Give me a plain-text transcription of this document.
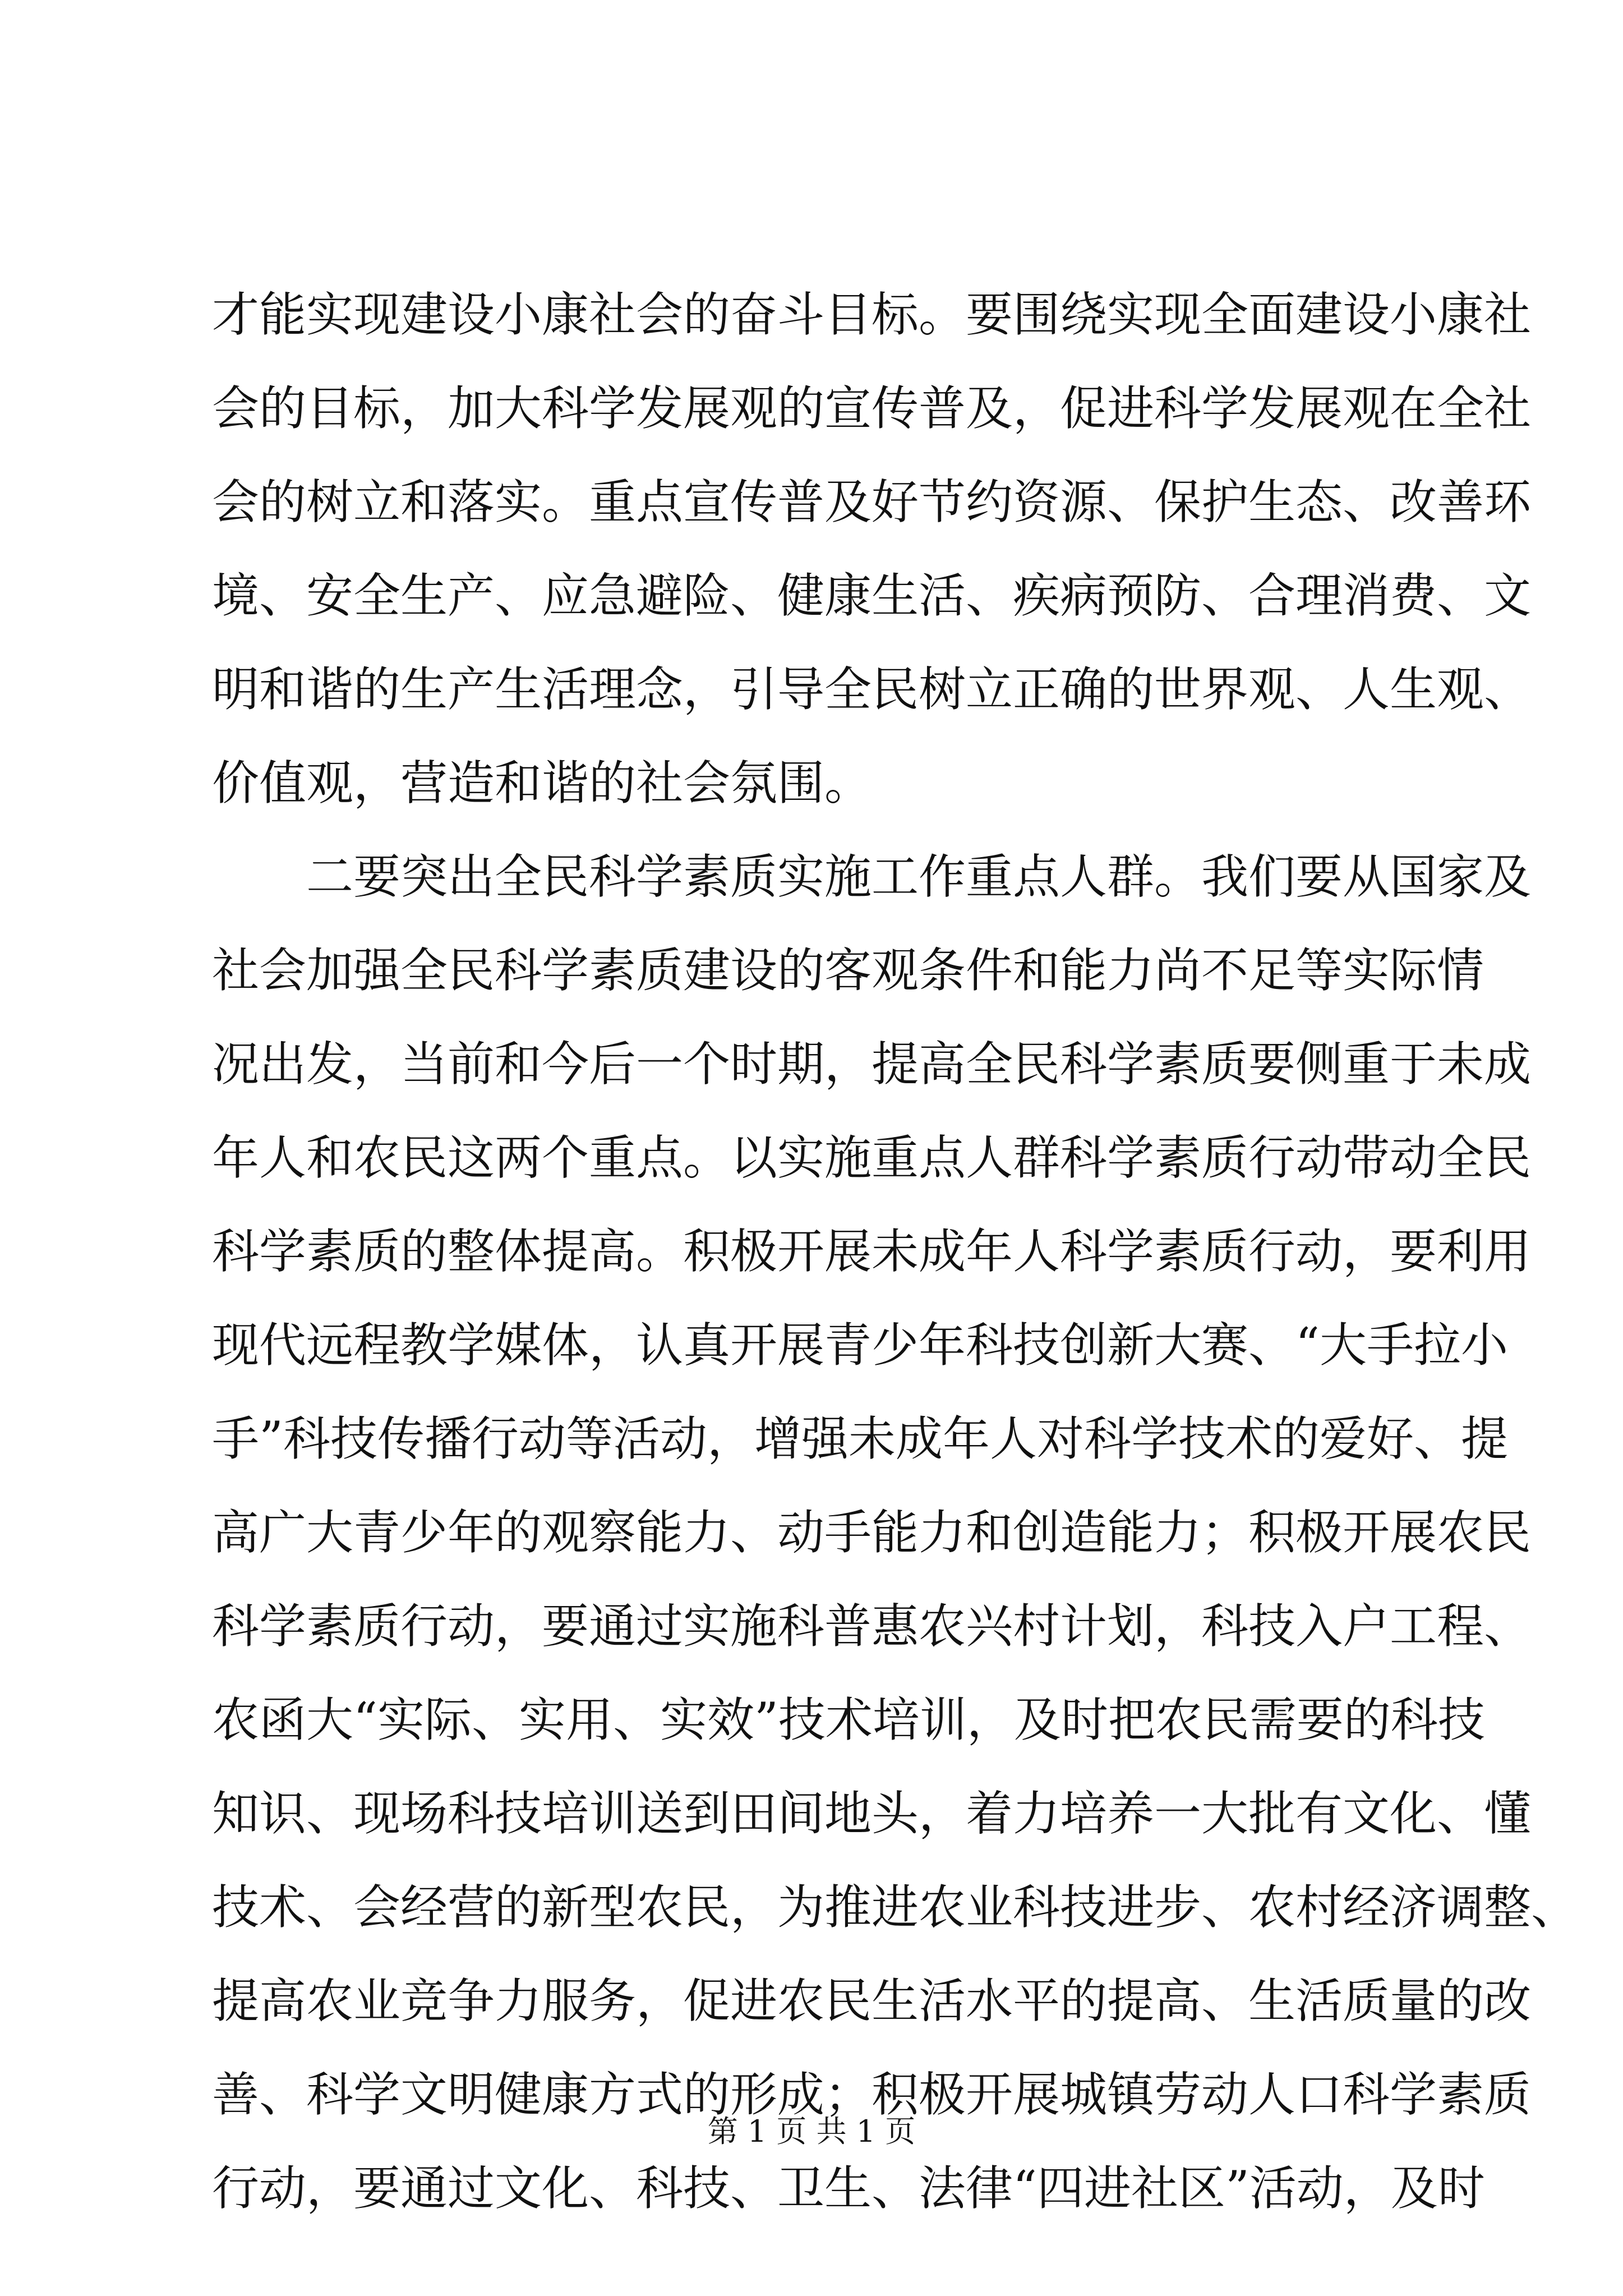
才能实现建设小康社会的奋斗目标。要围绕实现全面建设小康社
会的目标，加大科学发展观的宣传普及，促进科学发展观在全社
会的树立和落实。重点宣传普及好节约资源、保护生态、改善环
境、安全生产、应急避险、健康生活、疾病预防、合理消费、文
明和谐的生产生活理念，引导全民树立正确的世界观、人生观、
价值观，营造和谐的社会氛围。
二要突出全民科学素质实施工作重点人群。我们要从国家及
社会加强全民科学素质建设的客观条件和能力尚不足等实际情
况出发，当前和今后一个时期，提高全民科学素质要侧重于未成
年人和农民这两个重点。以实施重点人群科学素质行动带动全民
科学素质的整体提高。积极开展未成年人科学素质行动，要利用
现代远程教学媒体，认真开展青少年科技创新大赛、“大手拉小
手”科技传播行动等活动，增强未成年人对科学技术的爱好、提
高广大青少年的观察能力、动手能力和创造能力；积极开展农民
科学素质行动，要通过实施科普惠农兴村计划，科技入户工程、
农函大“实际、实用、实效”技术培训，及时把农民需要的科技
知识、现场科技培训送到田间地头，着力培养一大批有文化、懂
技术、会经营的新型农民，为推进农业科技进步、农村经济调整、
提高农业竞争力服务，促进农民生活水平的提高、生活质量的改
善、科学文明健康方式的形成；积极开展城镇劳动人口科学素质
行动，要通过文化、科技、卫生、法律“四进社区”活动，及时
第 1 页 共 1 页
